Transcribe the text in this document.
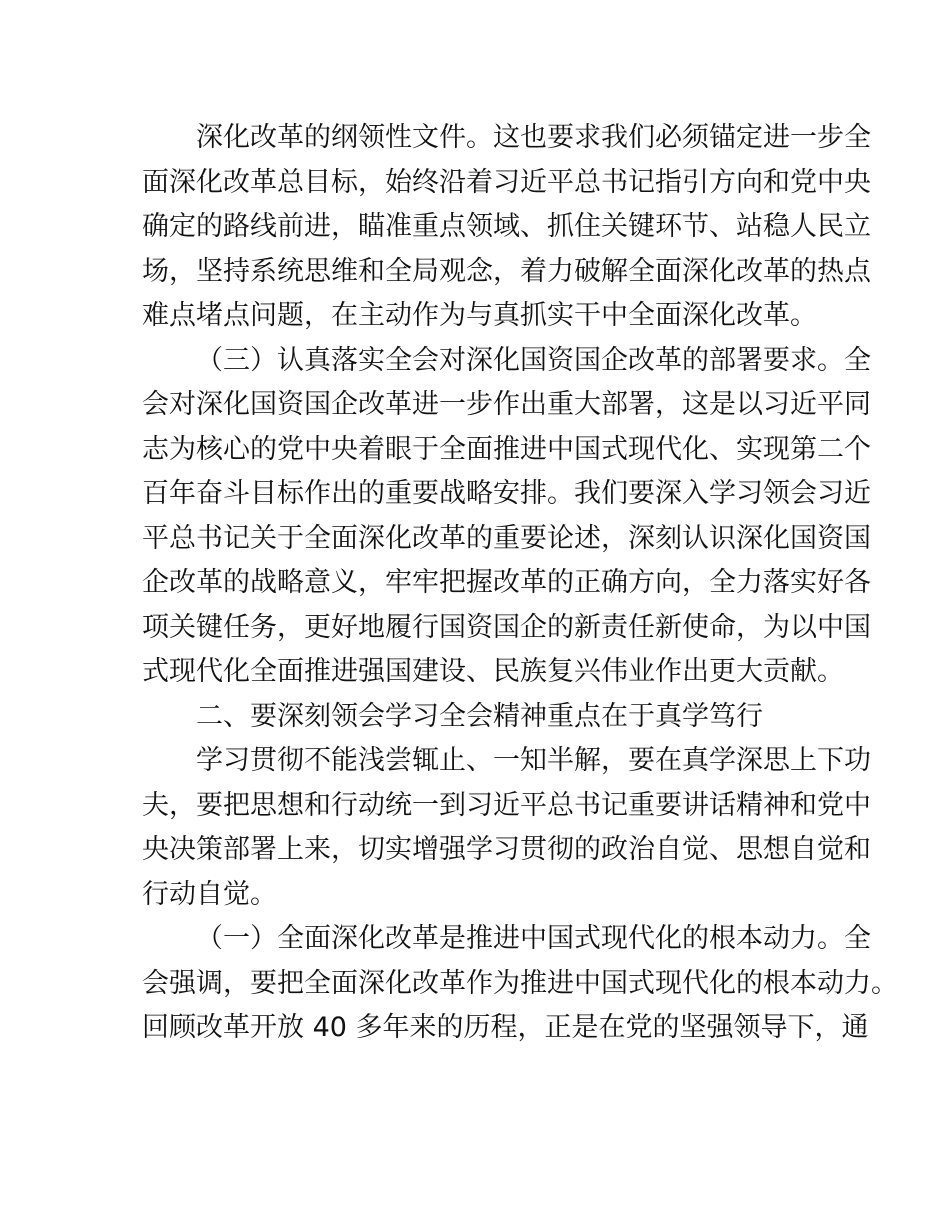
深化改革的纲领性文件。这也要求我们必须锚定进一步全
面深化改革总目标，始终沿着习近平总书记指引方向和党中央
确定的路线前进，瞄准重点领域、抓住关键环节、站稳人民立
场，坚持系统思维和全局观念，着力破解全面深化改革的热点
难点堵点问题，在主动作为与真抓实干中全面深化改革。

（三）认真落实全会对深化国资国企改革的部署要求。全
会对深化国资国企改革进一步作出重大部署，这是以习近平同
志为核心的党中央着眼于全面推进中国式现代化、实现第二个
百年奋斗目标作出的重要战略安排。我们要深入学习领会习近
平总书记关于全面深化改革的重要论述，深刻认识深化国资国
企改革的战略意义，牢牢把握改革的正确方向，全力落实好各
项关键任务，更好地履行国资国企的新责任新使命，为以中国
式现代化全面推进强国建设、民族复兴伟业作出更大贡献。

二、要深刻领会学习全会精神重点在于真学笃行

学习贯彻不能浅尝辄止、一知半解，要在真学深思上下功
夫，要把思想和行动统一到习近平总书记重要讲话精神和党中
央决策部署上来，切实增强学习贯彻的政治自觉、思想自觉和
行动自觉。

（一）全面深化改革是推进中国式现代化的根本动力。全
会强调，要把全面深化改革作为推进中国式现代化的根本动力。
回顾改革开放 40 多年来的历程，正是在党的坚强领导下，通
